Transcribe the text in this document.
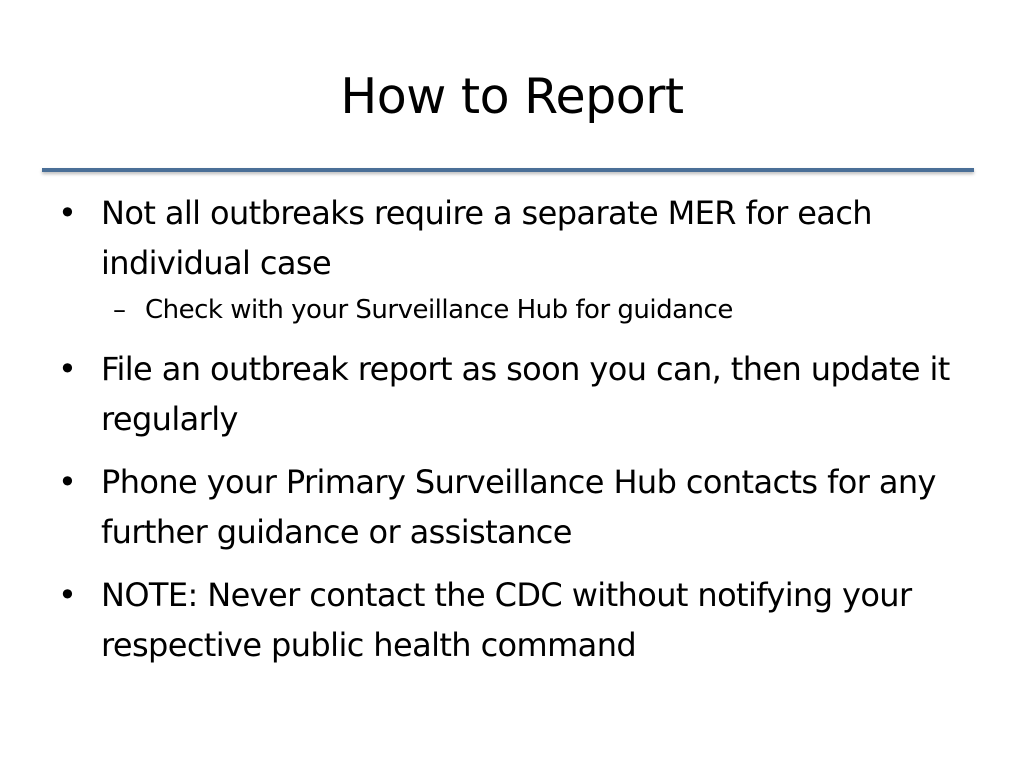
How to Report
• Not all outbreaks require a separate MER for each individual case
– Check with your Surveillance Hub for guidance
• File an outbreak report as soon you can, then update it regularly
• Phone your Primary Surveillance Hub contacts for any further guidance or assistance
• NOTE: Never contact the CDC without notifying your respective public health command
